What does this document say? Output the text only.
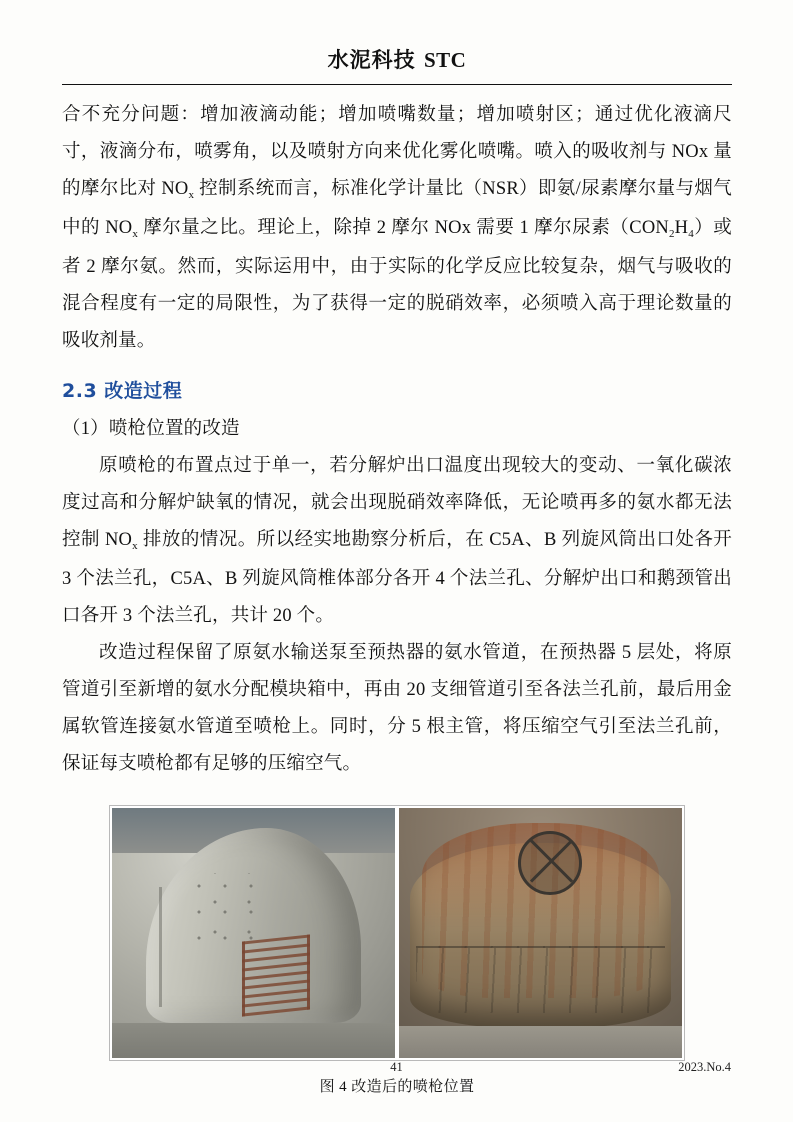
水泥科技 STC

合不充分问题：增加液滴动能；增加喷嘴数量；增加喷射区；通过优化液滴尺寸，液滴分布，喷雾角，以及喷射方向来优化雾化喷嘴。喷入的吸收剂与 NOx 量的摩尔比对 $NO_x$ 控制系统而言，标准化学计量比（NSR）即氨/尿素摩尔量与烟气中的 $NO_x$ 摩尔量之比。理论上，除掉 2 摩尔 NOx 需要 1 摩尔尿素$(CON_2H_4)$或者 2 摩尔氨。然而，实际运用中，由于实际的化学反应比较复杂，烟气与吸收的混合程度有一定的局限性，为了获得一定的脱硝效率，必须喷入高于理论数量的吸收剂量。

2.3 改造过程

（1）喷枪位置的改造

原喷枪的布置点过于单一，若分解炉出口温度出现较大的变动、一氧化碳浓度过高和分解炉缺氧的情况，就会出现脱硝效率降低，无论喷再多的氨水都无法控制 $NO_x$ 排放的情况。所以经实地勘察分析后，在 C5A、B 列旋风筒出口处各开 3 个法兰孔，C5A、B 列旋风筒椎体部分各开 4 个法兰孔、分解炉出口和鹅颈管出口各开 3 个法兰孔，共计 20 个。

改造过程保留了原氨水输送泵至预热器的氨水管道，在预热器 5 层处，将原管道引至新增的氨水分配模块箱中，再由 20 支细管道引至各法兰孔前，最后用金属软管连接氨水管道至喷枪上。同时，分 5 根主管，将压缩空气引至法兰孔前，保证每支喷枪都有足够的压缩空气。

图 4 改造后的喷枪位置
41	2023.No.4
